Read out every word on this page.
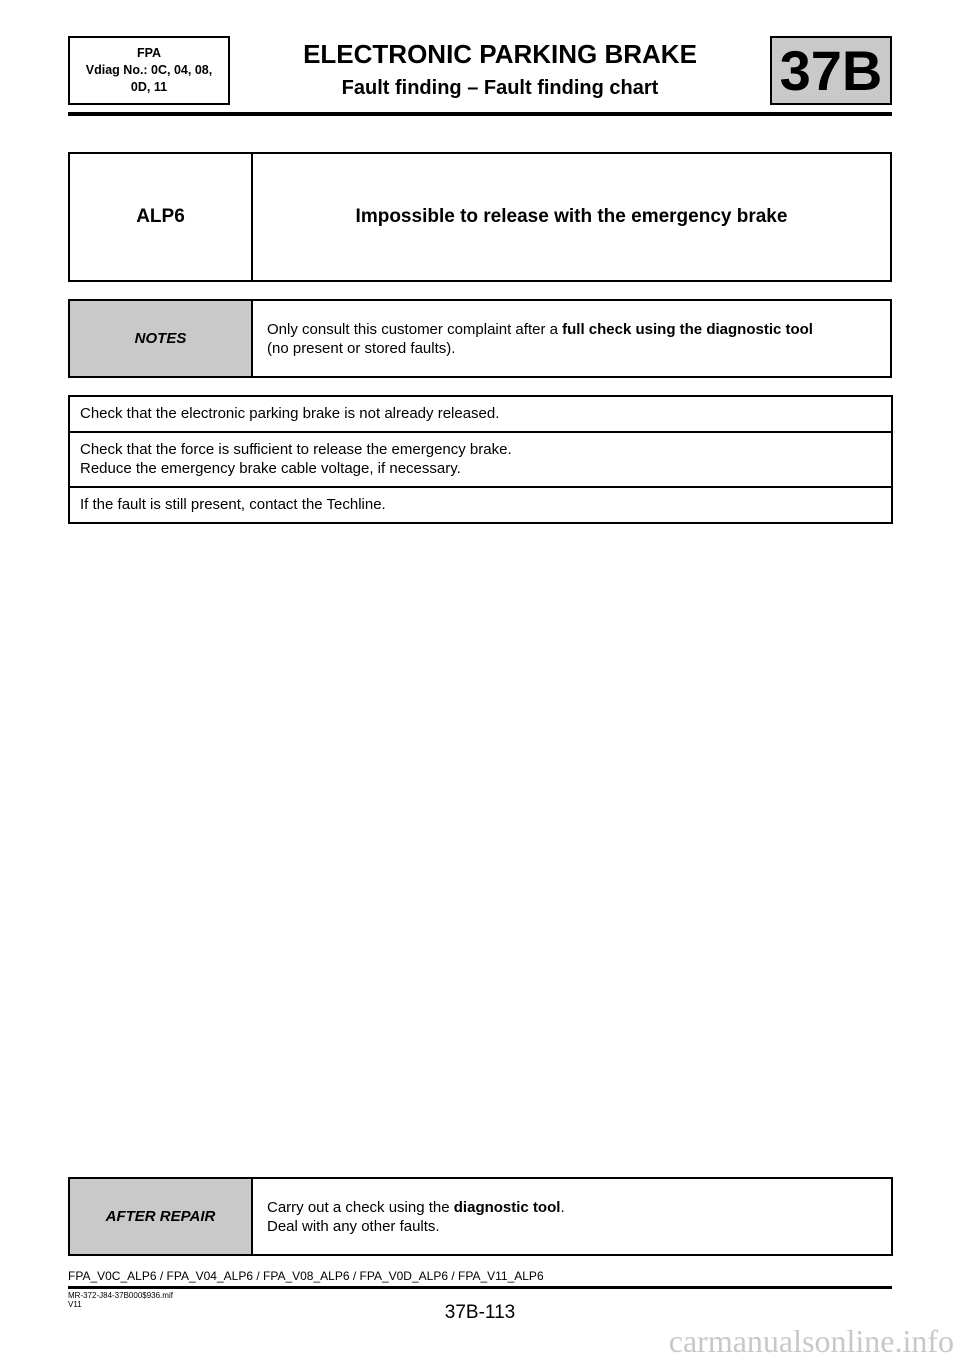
FPA
Vdiag No.: 0C, 04, 08,
0D, 11
ELECTRONIC PARKING BRAKE
Fault finding – Fault finding chart	37B
ALP6	Impossible to release with the emergency brake
NOTES
Only consult this customer complaint after a full check using the diagnostic tool
(no present or stored faults).
Check that the electronic parking brake is not already released.
Check that the force is sufficient to release the emergency brake.
Reduce the emergency brake cable voltage, if necessary.
If the fault is still present, contact the Techline.
AFTER REPAIR
Carry out a check using the diagnostic tool.
Deal with any other faults.
FPA_V0C_ALP6 / FPA_V04_ALP6 / FPA_V08_ALP6 / FPA_V0D_ALP6 / FPA_V11_ALP6
MR-372-J84-37B000$936.mif
V11	37B-113
carmanualsonline.info
